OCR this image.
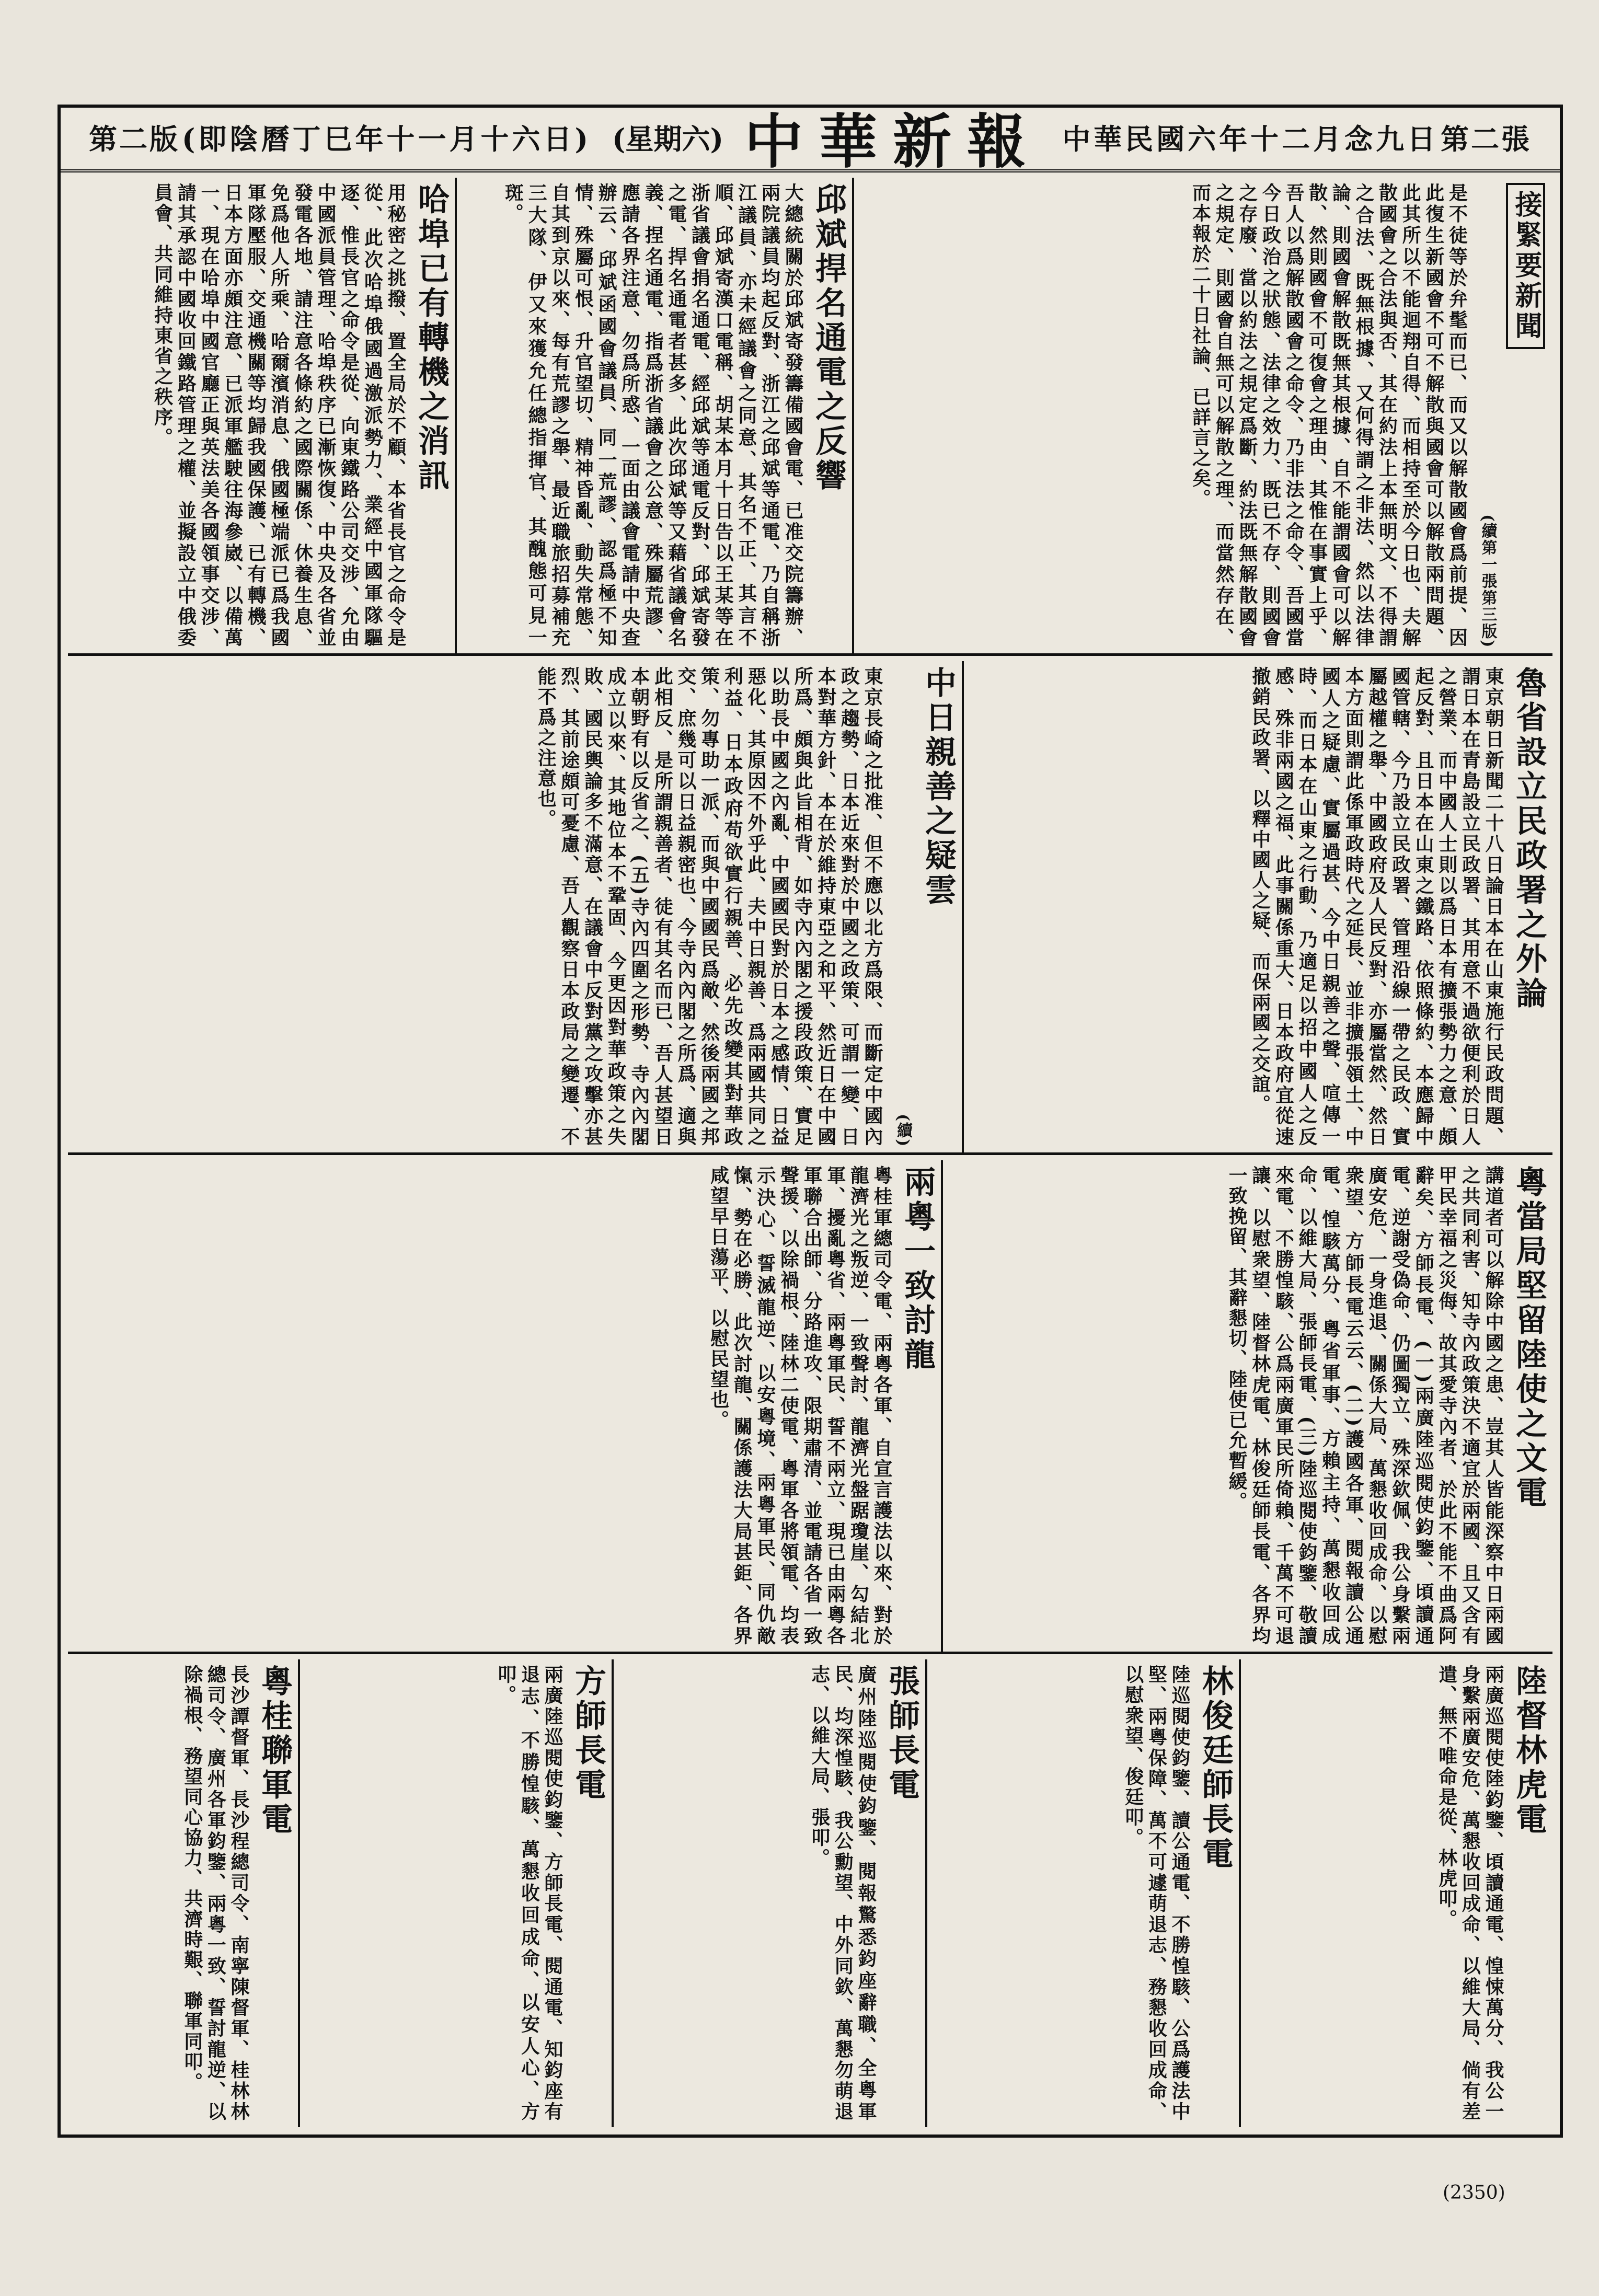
第二版 (即陰曆丁巳年十一月十六日) (星期六) 中華新報 中華民國六年十二月念九日 第二張
接緊要新聞
(續第一張第三版)
是不徒等於弁髦而已、而又以解散國會爲前提、因此復生新國會不可不解散與國會可以解散兩問題、此其所以不能迴翔自得、而相持至於今日也、夫解散國會之合法與否、其在約法上本無明文、不得謂之合法、既無根據、又何得謂之非法、然以法律論、則國會解散既無其根據、自不能謂國會可以解散、然則國會不可復會之理由、其惟在事實上乎、吾人以爲解散國會之命令、乃非法之命令、吾國當今日政治之狀態、法律之效力、既已不存、則國會之存廢、當以約法之規定爲斷、約法既無解散國會之規定、則國會自無可以解散之理、而當然存在、而本報於二十日社論、已詳言之矣。
邱斌捍名通電之反響
大總統關於邱斌寄發籌備國會電、已准交院籌辦、兩院議員均起反對、浙江之邱斌等通電、乃自稱浙江議員、亦未經議會之同意、其名不正、其言不順、邱斌寄漢口電稱、胡某本月十日告以王某等在浙省議會捐名通電、經邱斌等通電反對、邱斌寄發之電、捍名通電者甚多、此次邱斌等又藉省議會名義、捏名通電、指爲浙省議會之公意、殊屬荒謬、應請各界注意、勿爲所惑、一面由議會電請中央查辦云、邱斌函國會議員、同一荒謬、認爲極不知情、殊屬可恨、升官望切、精神昏亂、動失常態、自其到京以來、每有荒謬之舉、最近職旅招募補充三大隊、伊又來獲允任總指揮官、其醜態可見一斑。
哈埠已有轉機之消訊
用秘密之挑撥、置全局於不顧、本省長官之命令是從、此次哈埠俄國過激派勢力、業經中國軍隊驅逐、惟長官之命令是從、向東鐵路公司交涉、允由中國派員管理、哈埠秩序已漸恢復、中央及各省並發電各地、請注意各條約之國際關係、休養生息、免爲他人所乘、哈爾濱消息、俄國極端派已爲我國軍隊壓服、交通機關等均歸我國保護、已有轉機、日本方面亦頗注意、已派軍艦駛往海參崴、以備萬一、現在哈埠中國官廳正與英法美各國領事交涉、請其承認中國收回鐵路管理之權、並擬設立中俄委員會、共同維持東省之秩序。
魯省設立民政署之外論
東京朝日新聞二十八日論日本在山東施行民政問題、謂日本在青島設立民政署、其用意不過欲便利於日人之營業、而中國人士則以爲日本有擴張勢力之意、頗起反對、且日本在山東之鐵路、依照條約、本應歸中國管轄、今乃設立民政署、管理沿線一帶之民政、實屬越權之舉、中國政府及人民反對、亦屬當然、然日本方面則謂此係軍政時代之延長、並非擴張領土、中國人之疑慮、實屬過甚、今中日親善之聲、喧傳一時、而日本在山東之行動、乃適足以招中國人之反感、殊非兩國之福、此事關係重大、日本政府宜從速撤銷民政署、以釋中國人之疑、而保兩國之交誼。
中日親善之疑雲
(續)
東京長崎之批准、但不應以北方爲限、而斷定中國內政之趨勢、日本近來對於中國之政策、可謂一變、日本對華方針、本在於維持東亞之和平、然近日在中國所爲、頗與此旨相背、如寺內內閣之援段政策、實足以助長中國之內亂、中國國民對於日本之感情、日益惡化、其原因不外乎此、夫中日親善、爲兩國共同之利益、日本政府苟欲實行親善、必先改變其對華政策、勿專助一派、而與中國國民爲敵、然後兩國之邦交、庶幾可以日益親密也、今寺內內閣之所爲、適與此相反、是所謂親善者、徒有其名而已、吾人甚望日本朝野有以反省之、(五)寺內四圍之形勢、寺內內閣成立以來、其地位本不鞏固、今更因對華政策之失敗、國民輿論多不滿意、在議會中反對黨之攻擊亦甚烈、其前途頗可憂慮、吾人觀察日本政局之變遷、不能不爲之注意也。
粵當局堅留陸使之文電
講道者可以解除中國之患、豈其人皆能深察中日兩國之共同利害、知寺內政策決不適宜於兩國、且又含有甲民幸福之災侮、故其愛寺內者、於此不能不曲爲阿辭矣、方師長電、(一)兩廣陸巡閱使鈞鑒、頃讀通電、逆謝受偽命、仍圖獨立、殊深欽佩、我公身繫兩廣安危、一身進退、關係大局、萬懇收回成命、以慰衆望、方師長電云云、(二)護國各軍、閱報讀公通電、惶駭萬分、粵省軍事、方賴主持、萬懇收回成命、以維大局、張師長電、(三)陸巡閱使鈞鑒、敬讀來電、不勝惶駭、公爲兩廣軍民所倚賴、千萬不可退讓、以慰衆望、陸督林虎電、林俊廷師長電、各界均一致挽留、其辭懇切、陸使已允暫緩。
兩粵一致討龍
粵桂軍總司令電、兩粵各軍、自宣言護法以來、對於龍濟光之叛逆、一致聲討、龍濟光盤踞瓊崖、勾結北軍、擾亂粵省、兩粵軍民、誓不兩立、現已由兩粵各軍聯合出師、分路進攻、限期肅清、並電請各省一致聲援、以除禍根、陸林二使電、粵軍各將領電、均表示決心、誓滅龍逆、以安粵境、兩粵軍民、同仇敵愾、勢在必勝、此次討龍、關係護法大局甚鉅、各界咸望早日蕩平、以慰民望也。
陸督林虎電
兩廣巡閱使陸鈞鑒、頃讀通電、惶悚萬分、我公一身繫兩廣安危、萬懇收回成命、以維大局、倘有差遣、無不唯命是從、林虎叩。
林俊廷師長電
陸巡閱使鈞鑒、讀公通電、不勝惶駭、公爲護法中堅、兩粵保障、萬不可遽萌退志、務懇收回成命、以慰衆望、俊廷叩。
張師長電
廣州陸巡閱使鈞鑒、閱報驚悉鈞座辭職、全粵軍民、均深惶駭、我公勳望、中外同欽、萬懇勿萌退志、以維大局、張叩。
方師長電
兩廣陸巡閱使鈞鑒、方師長電、閱通電、知鈞座有退志、不勝惶駭、萬懇收回成命、以安人心、方叩。
粵桂聯軍電
長沙譚督軍、長沙程總司令、南寧陳督軍、桂林林總司令、廣州各軍鈞鑒、兩粵一致、誓討龍逆、以除禍根、務望同心協力、共濟時艱、聯軍同叩。
(2350)
